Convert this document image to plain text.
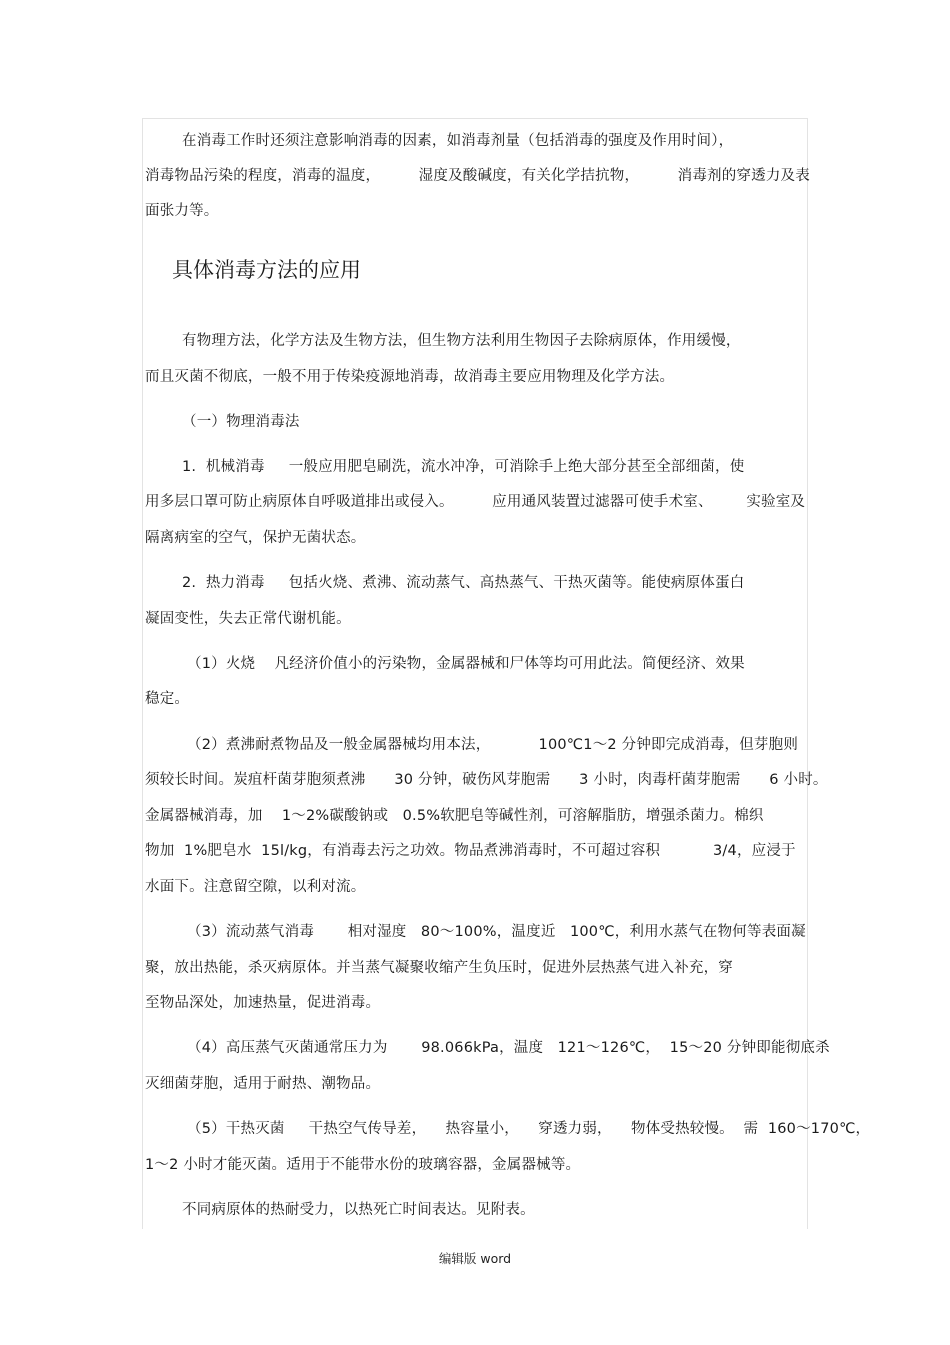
在消毒工作时还须注意影响消毒的因素，如消毒剂量（包括消毒的强度及作用时间），
消毒物品污染的程度，消毒的温度，        湿度及酸碱度，有关化学拮抗物，        消毒剂的穿透力及表
面张力等。
具体消毒方法的应用
有物理方法，化学方法及生物方法，但生物方法利用生物因子去除病原体，作用缓慢，
而且灭菌不彻底，一般不用于传染疫源地消毒，故消毒主要应用物理及化学方法。
（一）物理消毒法
1.  机械消毒     一般应用肥皂刷洗，流水冲净，可消除手上绝大部分甚至全部细菌，使
用多层口罩可防止病原体自呼吸道排出或侵入。        应用通风装置过滤器可使手术室、       实验室及
隔离病室的空气，保护无菌状态。
2.  热力消毒     包括火烧、煮沸、流动蒸气、高热蒸气、干热灭菌等。能使病原体蛋白
凝固变性，失去正常代谢机能。
（1）火烧    凡经济价值小的污染物，金属器械和尸体等均可用此法。简便经济、效果
稳定。
（2）煮沸耐煮物品及一般金属器械均用本法，          100℃1～2 分钟即完成消毒，但芽胞则
须较长时间。炭疽杆菌芽胞须煮沸      30 分钟，破伤风芽胞需      3 小时，肉毒杆菌芽胞需      6 小时。
金属器械消毒，加    1～2%碳酸钠或   0.5%软肥皂等碱性剂，可溶解脂肪，增强杀菌力。棉织
物加  1%肥皂水  15l/kg，有消毒去污之功效。物品煮沸消毒时，不可超过容积           3/4，应浸于
水面下。注意留空隙，以利对流。
（3）流动蒸气消毒       相对湿度   80～100%，温度近   100℃，利用水蒸气在物何等表面凝
聚，放出热能，杀灭病原体。并当蒸气凝聚收缩产生负压时，促进外层热蒸气进入补充，穿
至物品深处，加速热量，促进消毒。
（4）高压蒸气灭菌通常压力为       98.066kPa，温度   121～126℃，  15～20 分钟即能彻底杀
灭细菌芽胞，适用于耐热、潮物品。
（5）干热灭菌     干热空气传导差，    热容量小，    穿透力弱，    物体受热较慢。  需  160～170℃，
1～2 小时才能灭菌。适用于不能带水份的玻璃容器，金属器械等。
不同病原体的热耐受力，以热死亡时间表达。见附表。
编辑版 word
